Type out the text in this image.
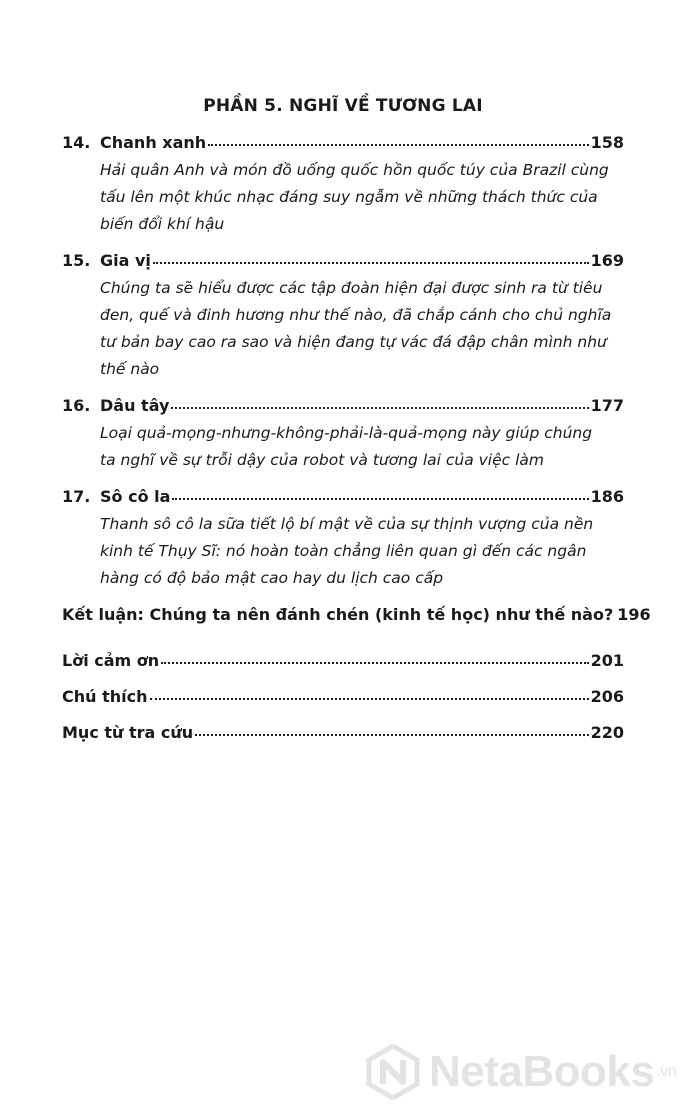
PHẦN 5. NGHĨ VỀ TƯƠNG LAI
14. Chanh xanh	158
Hải quân Anh và món đồ uống quốc hồn quốc túy của Brazil cùng
tấu lên một khúc nhạc đáng suy ngẫm về những thách thức của
biến đổi khí hậu
15. Gia vị	169
Chúng ta sẽ hiểu được các tập đoàn hiện đại được sinh ra từ tiêu
đen, quế và đinh hương như thế nào, đã chắp cánh cho chủ nghĩa
tư bản bay cao ra sao và hiện đang tự vác đá đập chân mình như
thế nào
16. Dâu tây	177
Loại quả-mọng-nhưng-không-phải-là-quả-mọng này giúp chúng
ta nghĩ về sự trỗi dậy của robot và tương lai của việc làm
17. Sô cô la	186
Thanh sô cô la sữa tiết lộ bí mật về của sự thịnh vượng của nền
kinh tế Thụy Sĩ: nó hoàn toàn chẳng liên quan gì đến các ngân
hàng có độ bảo mật cao hay du lịch cao cấp
Kết luận: Chúng ta nên đánh chén (kinh tế học) như thế nào? 196
Lời cảm ơn	201
Chú thích	206
Mục từ tra cứu	220
NetaBooks .vn
